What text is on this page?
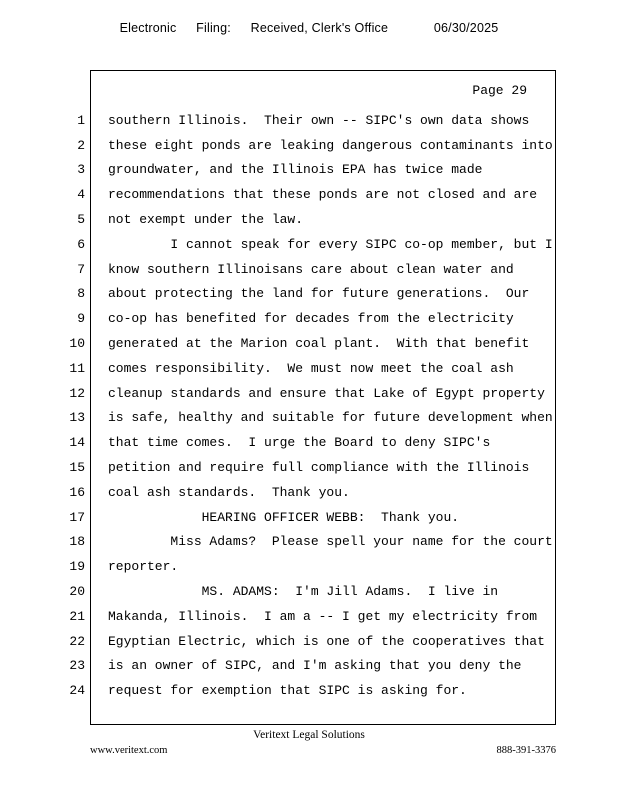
Electronic Filing: Received, Clerk's Office	06/30/2025
Page 29
1 southern Illinois.  Their own -- SIPC's own data shows
2 these eight ponds are leaking dangerous contaminants into
3 groundwater, and the Illinois EPA has twice made
4 recommendations that these ponds are not closed and are
5 not exempt under the law.
6 I cannot speak for every SIPC co-op member, but I
7 know southern Illinoisans care about clean water and
8 about protecting the land for future generations.  Our
9 co-op has benefited for decades from the electricity
10 generated at the Marion coal plant.  With that benefit
11 comes responsibility.  We must now meet the coal ash
12 cleanup standards and ensure that Lake of Egypt property
13 is safe, healthy and suitable for future development when
14 that time comes.  I urge the Board to deny SIPC's
15 petition and require full compliance with the Illinois
16 coal ash standards.  Thank you.
17 HEARING OFFICER WEBB:  Thank you.
18 Miss Adams?  Please spell your name for the court
19 reporter.
20 MS. ADAMS:  I'm Jill Adams.  I live in
21 Makanda, Illinois.  I am a -- I get my electricity from
22 Egyptian Electric, which is one of the cooperatives that
23 is an owner of SIPC, and I'm asking that you deny the
24 request for exemption that SIPC is asking for.
Veritext Legal Solutions
www.veritext.com	888-391-3376
